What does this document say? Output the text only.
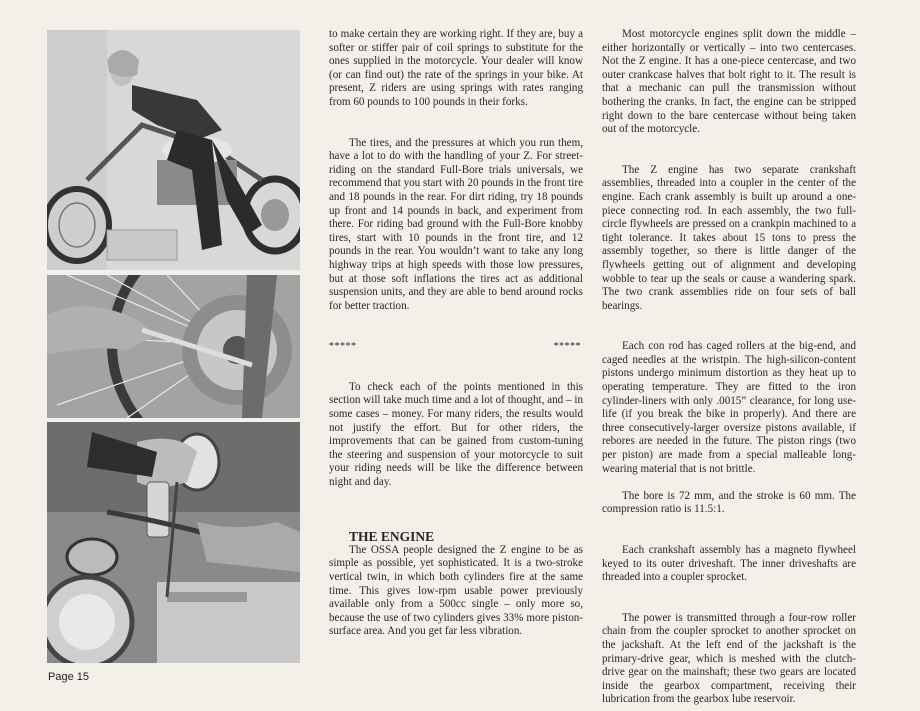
to make certain they are working right. If they are, buy a softer or stiffer pair of coil springs to substitute for the ones supplied in the motorcycle. Your dealer will know (or can find out) the rate of the springs in your bike. At present, Z riders are using springs with rates ranging from 60 pounds to 100 pounds in their forks.

The tires, and the pressures at which you run them, have a lot to do with the handling of your Z. For street-riding on the standard Full-Bore trials universals, we recommend that you start with 20 pounds in the front tire and 18 pounds in the rear. For dirt riding, try 18 pounds up front and 14 pounds in back, and experiment from there. For riding bad ground with the Full-Bore knobby tires, start with 10 pounds in the front tire, and 12 pounds in the rear. You wouldn’t want to take any long highway trips at high speeds with those low pressures, but at those soft inflations the tires act as additional suspension units, and they are able to bend around rocks for better traction.

*****	*****

To check each of the points mentioned in this section will take much time and a lot of thought, and – in some cases – money. For many riders, the results would not justify the effort. But for other riders, the improvements that can be gained from custom-tuning the steering and suspension of your motorcycle to suit your riding needs will be like the difference between night and day.

THE ENGINE

The OSSA people designed the Z engine to be as simple as possible, yet sophisticated. It is a two-stroke vertical twin, in which both cylinders fire at the same time. This gives low-rpm usable power previously available only from a 500cc single – only more so, because the use of two cylinders gives 33% more piston-surface area. And you get far less vibration.

Most motorcycle engines split down the middle – either horizontally or vertically – into two centercases. Not the Z engine. It has a one-piece centercase, and two outer crankcase halves that bolt right to it. The result is that a mechanic can pull the transmission without bothering the cranks. In fact, the engine can be stripped right down to the bare centercase without being taken out of the motorcycle.

The Z engine has two separate crankshaft assemblies, threaded into a coupler in the center of the engine. Each crank assembly is built up around a one-piece connecting rod. In each assembly, the two full-circle flywheels are pressed on a crankpin machined to a tight tolerance. It takes about 15 tons to press the assembly together, so there is little danger of the flywheels getting out of alignment and developing wobble to tear up the seals or cause a wandering spark. The two crank assemblies ride on four sets of ball bearings.

Each con rod has caged rollers at the big-end, and caged needles at the wristpin. The high-silicon-content pistons undergo minimum distortion as they heat up to operating temperature. They are fitted to the iron cylinder-liners with only .0015” clearance, for long use-life (if you break the bike in properly). And there are three consecutively-larger oversize pistons available, if rebores are needed in the future. The piston rings (two per piston) are made from a special malleable long-wearing material that is not brittle.

The bore is 72 mm, and the stroke is 60 mm. The compression ratio is 11.5:1.

Each crankshaft assembly has a magneto flywheel keyed to its outer driveshaft. The inner driveshafts are threaded into a coupler sprocket.

The power is transmitted through a four-row roller chain from the coupler sprocket to another sprocket on the jackshaft. At the left end of the jackshaft is the primary-drive gear, which is meshed with the clutch-drive gear on the mainshaft; these two gears are located inside the gearbox compartment, receiving their lubrication from the gearbox lube reservoir.

Page 15
